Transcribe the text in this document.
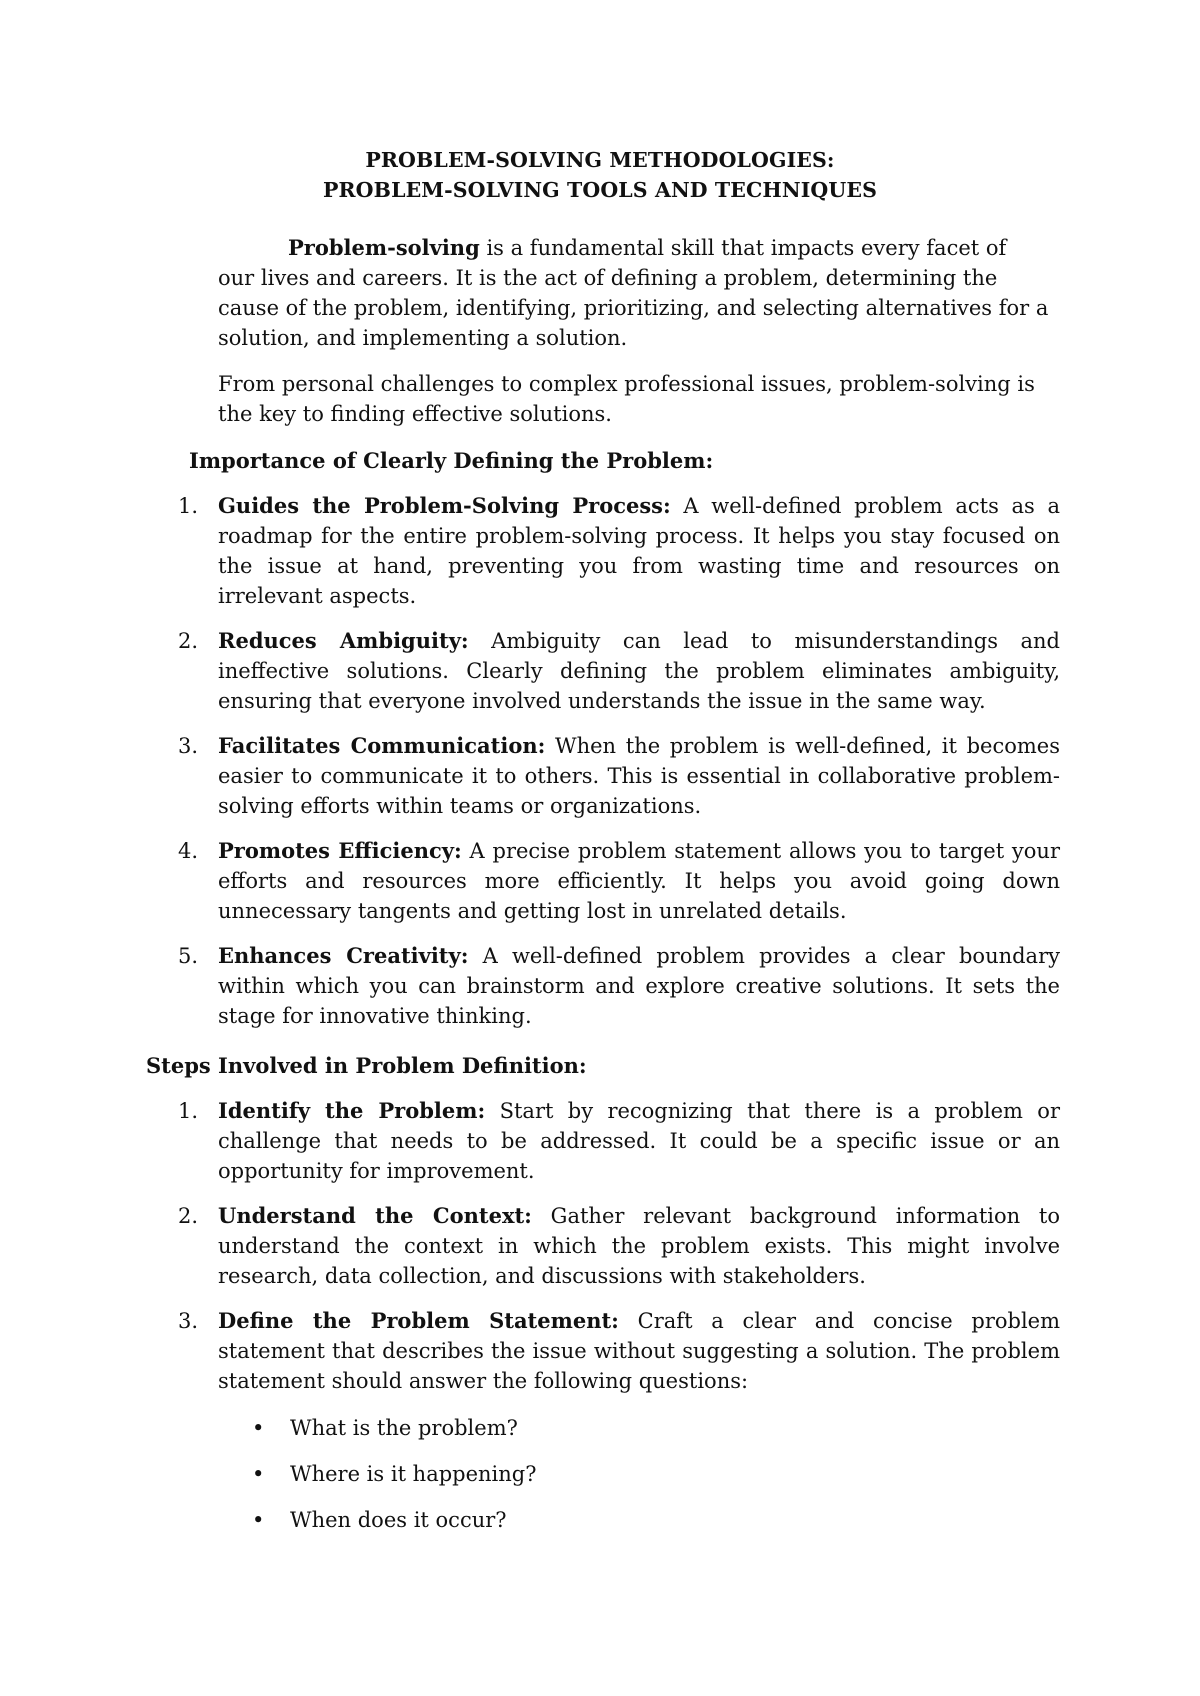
PROBLEM-SOLVING METHODOLOGIES:
PROBLEM-SOLVING TOOLS AND TECHNIQUES
Problem-solving is a fundamental skill that impacts every facet of
our lives and careers. It is the act of defining a problem, determining the cause of the problem, identifying, prioritizing, and selecting alternatives for a solution, and implementing a solution.
From personal challenges to complex professional issues, problem-solving is the key to finding effective solutions.
Importance of Clearly Defining the Problem:
1. Guides the Problem-Solving Process: A well-defined problem acts as a roadmap for the entire problem-solving process. It helps you stay focused on the issue at hand, preventing you from wasting time and resources on irrelevant aspects.
2. Reduces Ambiguity: Ambiguity can lead to misunderstandings and ineffective solutions. Clearly defining the problem eliminates ambiguity, ensuring that everyone involved understands the issue in the same way.
3. Facilitates Communication: When the problem is well-defined, it becomes easier to communicate it to others. This is essential in collaborative problem-solving efforts within teams or organizations.
4. Promotes Efficiency: A precise problem statement allows you to target your efforts and resources more efficiently. It helps you avoid going down unnecessary tangents and getting lost in unrelated details.
5. Enhances Creativity: A well-defined problem provides a clear boundary within which you can brainstorm and explore creative solutions. It sets the stage for innovative thinking.
Steps Involved in Problem Definition:
1. Identify the Problem: Start by recognizing that there is a problem or challenge that needs to be addressed. It could be a specific issue or an opportunity for improvement.
2. Understand the Context: Gather relevant background information to understand the context in which the problem exists. This might involve research, data collection, and discussions with stakeholders.
3. Define the Problem Statement: Craft a clear and concise problem statement that describes the issue without suggesting a solution. The problem statement should answer the following questions:
•	What is the problem?
•	Where is it happening?
•	When does it occur?
